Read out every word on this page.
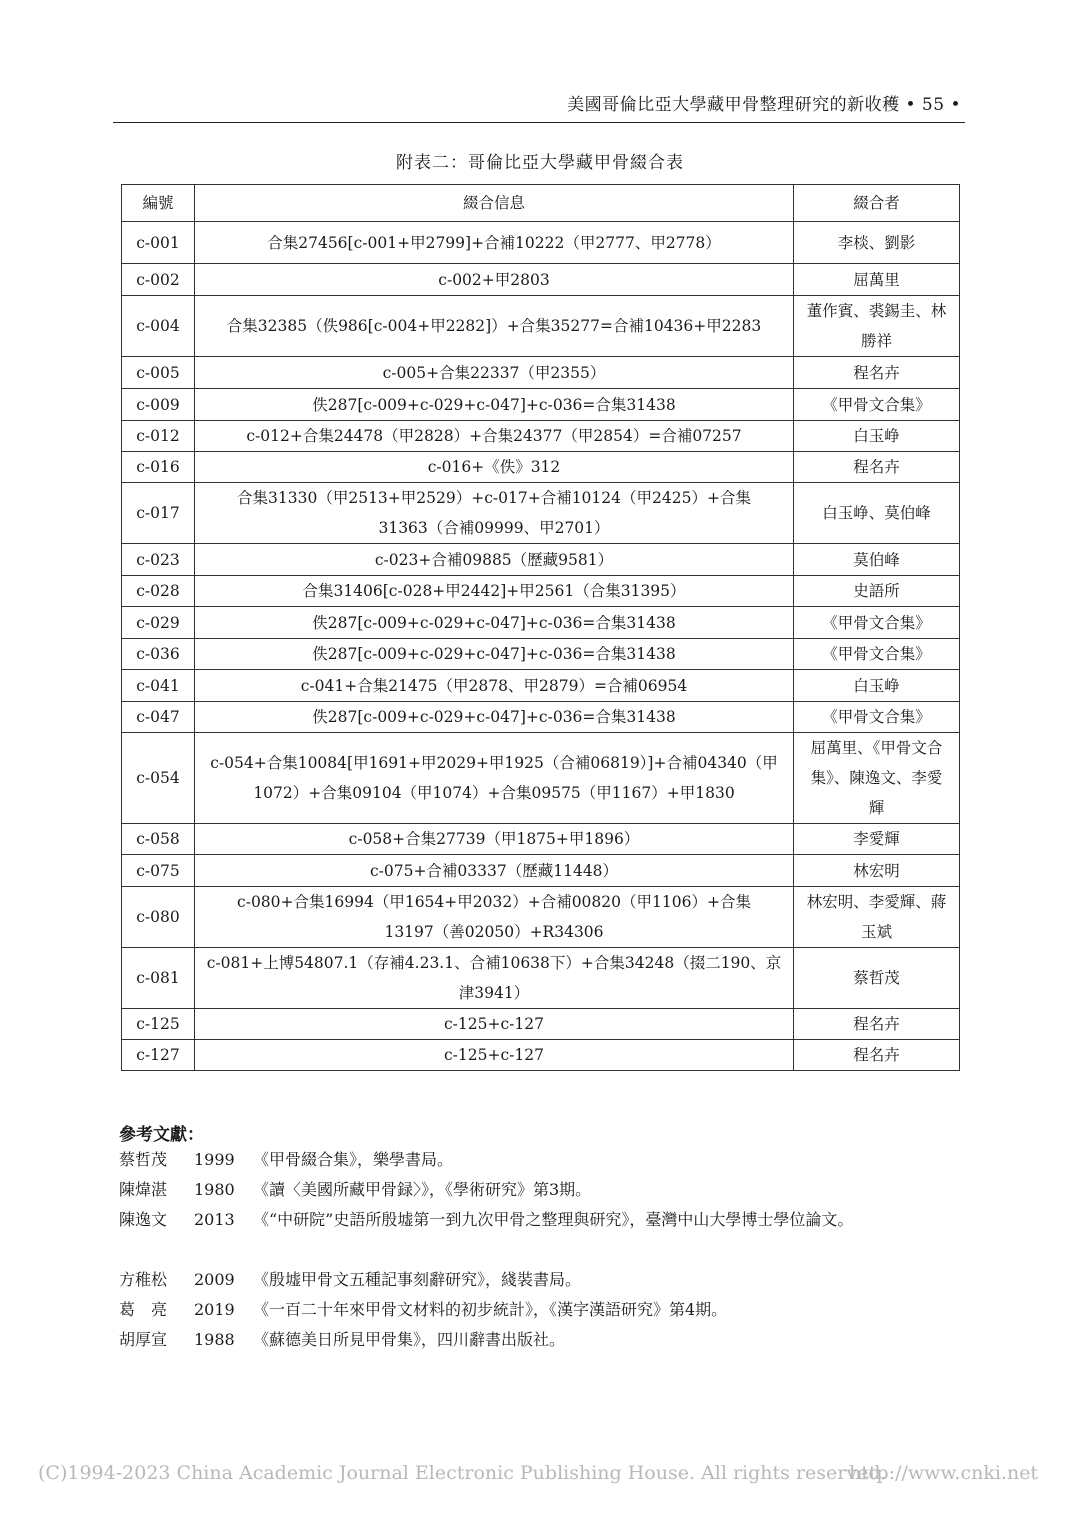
美國哥倫比亞大學藏甲骨整理研究的新收穫 • 55 •
附表二：哥倫比亞大學藏甲骨綴合表
編號	綴合信息	綴合者
c-001	合集27456[c-001+甲2799]+合補10222（甲2777、甲2778）	李棪、劉影
c-002	c-002+甲2803	屈萬里
c-004	合集32385（佚986[c-004+甲2282]）+合集35277=合補10436+甲2283	董作賓、裘錫圭、林勝祥
c-005	c-005+合集22337（甲2355）	程名卉
c-009	佚287[c-009+c-029+c-047]+c-036=合集31438	《甲骨文合集》
c-012	c-012+合集24478（甲2828）+合集24377（甲2854）=合補07257	白玉峥
c-016	c-016+《佚》312	程名卉
c-017	合集31330（甲2513+甲2529）+c-017+合補10124（甲2425）+合集31363（合補09999、甲2701）	白玉峥、莫伯峰
c-023	c-023+合補09885（歷藏9581）	莫伯峰
c-028	合集31406[c-028+甲2442]+甲2561（合集31395）	史語所
c-029	佚287[c-009+c-029+c-047]+c-036=合集31438	《甲骨文合集》
c-036	佚287[c-009+c-029+c-047]+c-036=合集31438	《甲骨文合集》
c-041	c-041+合集21475（甲2878、甲2879）=合補06954	白玉峥
c-047	佚287[c-009+c-029+c-047]+c-036=合集31438	《甲骨文合集》
c-054	c-054+合集10084[甲1691+甲2029+甲1925（合補06819）]+合補04340（甲1072）+合集09104（甲1074）+合集09575（甲1167）+甲1830	屈萬里、《甲骨文合集》、陳逸文、李愛輝
c-058	c-058+合集27739（甲1875+甲1896）	李愛輝
c-075	c-075+合補03337（歷藏11448）	林宏明
c-080	c-080+合集16994（甲1654+甲2032）+合補00820（甲1106）+合集13197（善02050）+R34306	林宏明、李愛輝、蔣玉斌
c-081	c-081+上博54807.1（存補4.23.1、合補10638下）+合集34248（掇二190、京津3941）	蔡哲茂
c-125	c-125+c-127	程名卉
c-127	c-125+c-127	程名卉
參考文獻：
蔡哲茂	1999	《甲骨綴合集》，樂學書局。
陳煒湛	1980	《讀〈美國所藏甲骨録〉》，《學術研究》第3期。
陳逸文	2013	《“中研院”史語所殷墟第一到九次甲骨之整理與研究》，臺灣中山大學博士學位論文。
方稚松	2009	《殷墟甲骨文五種記事刻辭研究》，綫裝書局。
葛　亮	2019	《一百二十年來甲骨文材料的初步統計》，《漢字漢語研究》第4期。
胡厚宣	1988	《蘇德美日所見甲骨集》，四川辭書出版社。
(C)1994-2023 China Academic Journal Electronic Publishing House. All rights reserved.
http://www.cnki.net
